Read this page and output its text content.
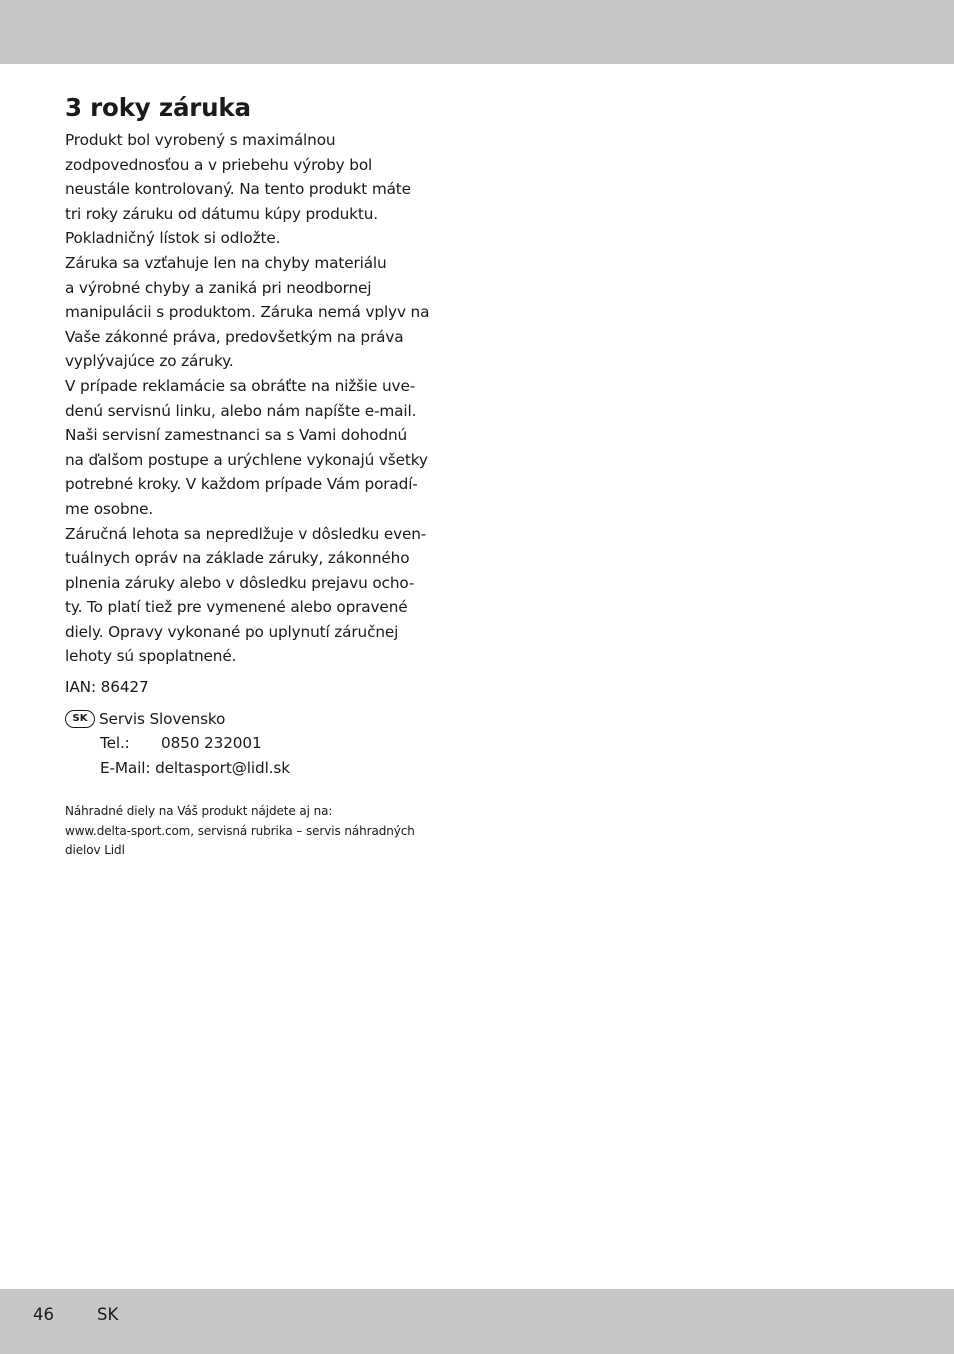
3 roky záruka

Produkt bol vyrobený s maximálnou
zodpovednosťou a v priebehu výroby bol
neustále kontrolovaný. Na tento produkt máte
tri roky záruku od dátumu kúpy produktu.
Pokladničný lístok si odložte.

Záruka sa vzťahuje len na chyby materiálu
a výrobné chyby a zaniká pri neodbornej
manipulácii s produktom. Záruka nemá vplyv na
Vaše zákonné práva, predovšetkým na práva
vyplývajúce zo záruky.

V prípade reklamácie sa obráťte na nižšie uve-
denú servisnú linku, alebo nám napíšte e-mail.
Naši servisní zamestnanci sa s Vami dohodnú
na ďalšom postupe a urýchlene vykonajú všetky
potrebné kroky. V každom prípade Vám poradí-
me osobne.

Záručná lehota sa nepredlžuje v dôsledku even-
tuálnych opráv na základe záruky, zákonného
plnenia záruky alebo v dôsledku prejavu ocho-
ty. To platí tiež pre vymenené alebo opravené
diely. Opravy vykonané po uplynutí záručnej
lehoty sú spoplatnené.

IAN: 86427
SK Servis Slovensko
Tel.: 0850 232001
E-Mail: deltasport@lidl.sk
Náhradné diely na Váš produkt nájdete aj na:
www.delta-sport.com, servisná rubrika – servis náhradných
dielov Lidl
46	SK
